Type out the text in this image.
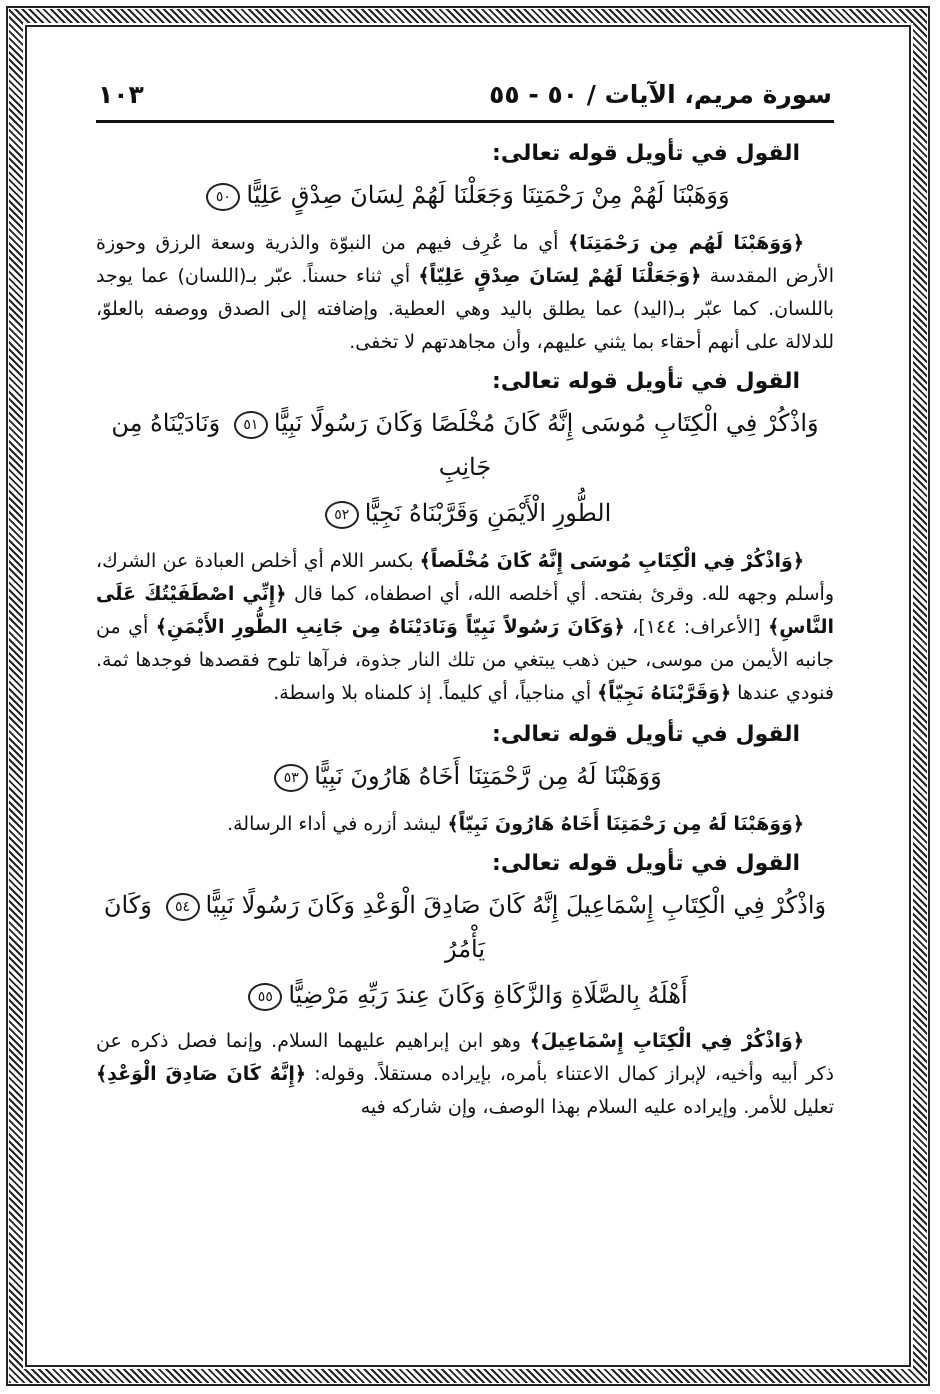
سورة مريم، الآيات / ٥٠ - ٥٥
١٠٣

القول في تأويل قوله تعالى:

وَوَهَبْنَا لَهُمْ مِنْ رَحْمَتِنَا وَجَعَلْنَا لَهُمْ لِسَانَ صِدْقٍ عَلِيًّا٥٠

﴿وَوَهَبْنَا لَهُم مِن رَحْمَتِنَا﴾ أي ما عُرِف فيهم من النبوّة والذرية وسعة الرزق وحوزة الأرض المقدسة ﴿وَجَعَلْنَا لَهُمْ لِسَانَ صِدْقٍ عَلِيّاً﴾ أي ثناء حسناً. عبّر بـ(اللسان) عما يوجد باللسان. كما عبّر بـ(اليد) عما يطلق باليد وهي العطية. وإضافته إلى الصدق ووصفه بالعلوّ، للدلالة على أنهم أحقاء بما يثني عليهم، وأن مجاهدتهم لا تخفى.

القول في تأويل قوله تعالى:

وَاذْكُرْ فِي الْكِتَابِ مُوسَى إِنَّهُ كَانَ مُخْلَصًا وَكَانَ رَسُولًا نَبِيًّا٥١ وَنَادَيْنَاهُ مِن جَانِبِ

الطُّورِ الْأَيْمَنِ وَقَرَّبْنَاهُ نَجِيًّا٥٢

﴿وَاذْكُرْ فِي الْكِتَابِ مُوسَى إِنَّهُ كَانَ مُخْلَصاً﴾ بكسر اللام أي أخلص العبادة عن الشرك، وأسلم وجهه لله. وقرئ بفتحه. أي أخلصه الله، أي اصطفاه، كما قال ﴿إِنِّي اصْطَفَيْتُكَ عَلَى النَّاسِ﴾ [الأعراف: ١٤٤]، ﴿وَكَانَ رَسُولاً نَبِيّاً وَنَادَيْنَاهُ مِن جَانِبِ الطُّورِ الأَيْمَنِ﴾ أي من جانبه الأيمن من موسى، حين ذهب يبتغي من تلك النار جذوة، فرآها تلوح فقصدها فوجدها ثمة. فنودي عندها ﴿وَقَرَّبْنَاهُ نَجِيّاً﴾ أي مناجياً، أي كليماً. إذ كلمناه بلا واسطة.

القول في تأويل قوله تعالى:

وَوَهَبْنَا لَهُ مِن رَّحْمَتِنَا أَخَاهُ هَارُونَ نَبِيًّا٥٣

﴿وَوَهَبْنَا لَهُ مِن رَحْمَتِنَا أَخَاهُ هَارُونَ نَبِيّاً﴾ ليشد أزره في أداء الرسالة.

القول في تأويل قوله تعالى:

وَاذْكُرْ فِي الْكِتَابِ إِسْمَاعِيلَ إِنَّهُ كَانَ صَادِقَ الْوَعْدِ وَكَانَ رَسُولًا نَبِيًّا٥٤ وَكَانَ يَأْمُرُ

أَهْلَهُ بِالصَّلَاةِ وَالزَّكَاةِ وَكَانَ عِندَ رَبِّهِ مَرْضِيًّا٥٥

﴿وَاذْكُرْ فِي الْكِتَابِ إِسْمَاعِيلَ﴾ وهو ابن إبراهيم عليهما السلام. وإنما فصل ذكره عن ذكر أبيه وأخيه، لإبراز كمال الاعتناء بأمره، بإيراده مستقلاً. وقوله: ﴿إِنَّهُ كَانَ صَادِقَ الْوَعْدِ﴾ تعليل للأمر. وإيراده عليه السلام بهذا الوصف، وإن شاركه فيه
